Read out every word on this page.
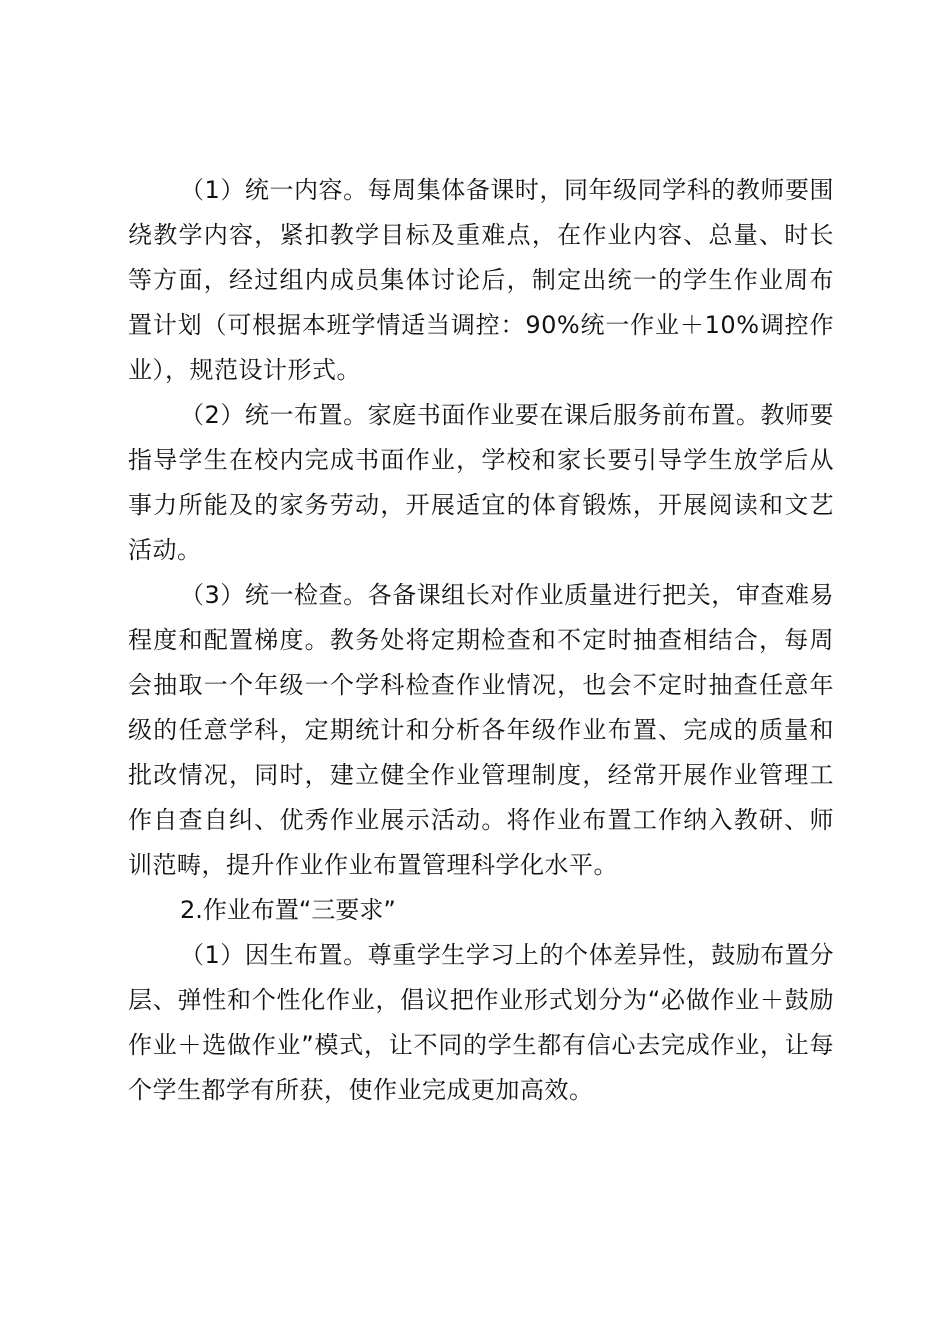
（1）统一内容。每周集体备课时，同年级同学科的教师要围绕教学内容，紧扣教学目标及重难点，在作业内容、总量、时长等方面，经过组内成员集体讨论后，制定出统一的学生作业周布置计划（可根据本班学情适当调控：90%统一作业＋10%调控作业），规范设计形式。

（2）统一布置。家庭书面作业要在课后服务前布置。教师要指导学生在校内完成书面作业，学校和家长要引导学生放学后从事力所能及的家务劳动，开展适宜的体育锻炼，开展阅读和文艺活动。

（3）统一检查。各备课组长对作业质量进行把关，审查难易程度和配置梯度。教务处将定期检查和不定时抽查相结合，每周会抽取一个年级一个学科检查作业情况，也会不定时抽查任意年级的任意学科，定期统计和分析各年级作业布置、完成的质量和批改情况，同时，建立健全作业管理制度，经常开展作业管理工作自查自纠、优秀作业展示活动。将作业布置工作纳入教研、师训范畴，提升作业作业布置管理科学化水平。

2.作业布置“三要求”

（1）因生布置。尊重学生学习上的个体差异性，鼓励布置分层、弹性和个性化作业，倡议把作业形式划分为“必做作业＋鼓励作业＋选做作业”模式，让不同的学生都有信心去完成作业，让每个学生都学有所获，使作业完成更加高效。
